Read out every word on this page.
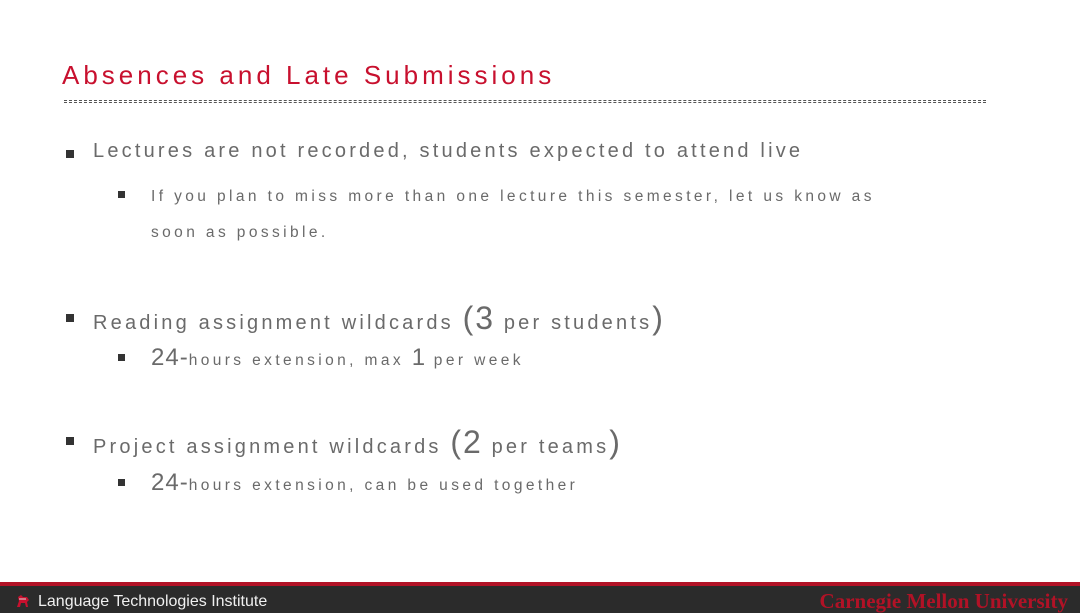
Absences and Late Submissions
Lectures are not recorded, students expected to attend live
If you plan to miss more than one lecture this semester, let us know as
soon as possible.
Reading assignment wildcards (3 per students)
24-hours extension, max 1 per week
Project assignment wildcards (2 per teams)
24-hours extension, can be used together
Language Technologies Institute	Carnegie Mellon University
